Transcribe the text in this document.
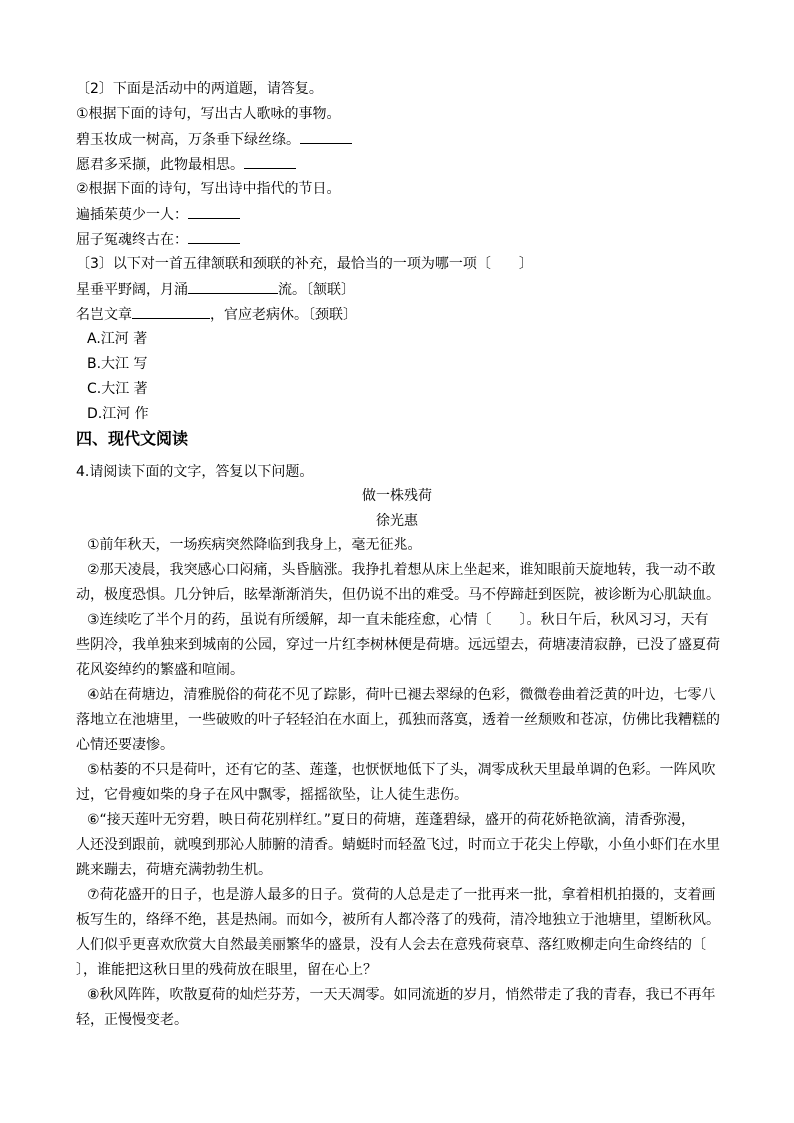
〔2〕下面是活动中的两道题，请答复。
①根据下面的诗句，写出古人歌咏的事物。
碧玉妆成一树高，万条垂下绿丝绦。
愿君多采撷，此物最相思。
②根据下面的诗句，写出诗中指代的节日。
遍插茱萸少一人：
屈子冤魂终古在：
〔3〕以下对一首五律颔联和颈联的补充，最恰当的一项为哪一项〔　　〕
星垂平野阔，月涌	流。〔颔联〕
名岂文章	，官应老病休。〔颈联〕
A.江河 著
B.大江 写
C.大江 著
D.江河 作
四、现代文阅读
4.请阅读下面的文字，答复以下问题。
做一株残荷
徐光惠
①前年秋天，一场疾病突然降临到我身上，毫无征兆。
②那天凌晨，我突感心口闷痛，头昏脑涨。我挣扎着想从床上坐起来，谁知眼前天旋地转，我一动不敢
动，极度恐惧。几分钟后，眩晕渐渐消失，但仍说不出的难受。马不停蹄赶到医院，被诊断为心肌缺血。
③连续吃了半个月的药，虽说有所缓解，却一直未能痊愈，心情〔　　〕。秋日午后，秋风习习，天有
些阴冷，我单独来到城南的公园，穿过一片红李树林便是荷塘。远远望去，荷塘凄清寂静，已没了盛夏荷
花风姿绰约的繁盛和喧闹。
④站在荷塘边，清雅脱俗的荷花不见了踪影，荷叶已褪去翠绿的色彩，微微卷曲着泛黄的叶边，七零八
落地立在池塘里，一些破败的叶子轻轻泊在水面上，孤独而落寞，透着一丝颓败和苍凉，仿佛比我糟糕的
心情还要凄惨。
⑤枯萎的不只是荷叶，还有它的茎、莲蓬，也恹恹地低下了头，凋零成秋天里最单调的色彩。一阵风吹
过，它骨瘦如柴的身子在风中飘零，摇摇欲坠，让人徒生悲伤。
⑥“接天莲叶无穷碧，映日荷花别样红。”夏日的荷塘，莲蓬碧绿，盛开的荷花娇艳欲滴，清香弥漫，
人还没到跟前，就嗅到那沁人肺腑的清香。蜻蜓时而轻盈飞过，时而立于花尖上停歇，小鱼小虾们在水里
跳来蹦去，荷塘充满勃勃生机。
⑦荷花盛开的日子，也是游人最多的日子。赏荷的人总是走了一批再来一批，拿着相机拍摄的，支着画
板写生的，络绎不绝，甚是热闹。而如今，被所有人都冷落了的残荷，清冷地独立于池塘里，望断秋风。
人们似乎更喜欢欣赏大自然最美丽繁华的盛景，没有人会去在意残荷衰草、落红败柳走向生命终结的〔
〕，谁能把这秋日里的残荷放在眼里，留在心上？
⑧秋风阵阵，吹散夏荷的灿烂芬芳，一天天凋零。如同流逝的岁月，悄然带走了我的青春，我已不再年
轻，正慢慢变老。
